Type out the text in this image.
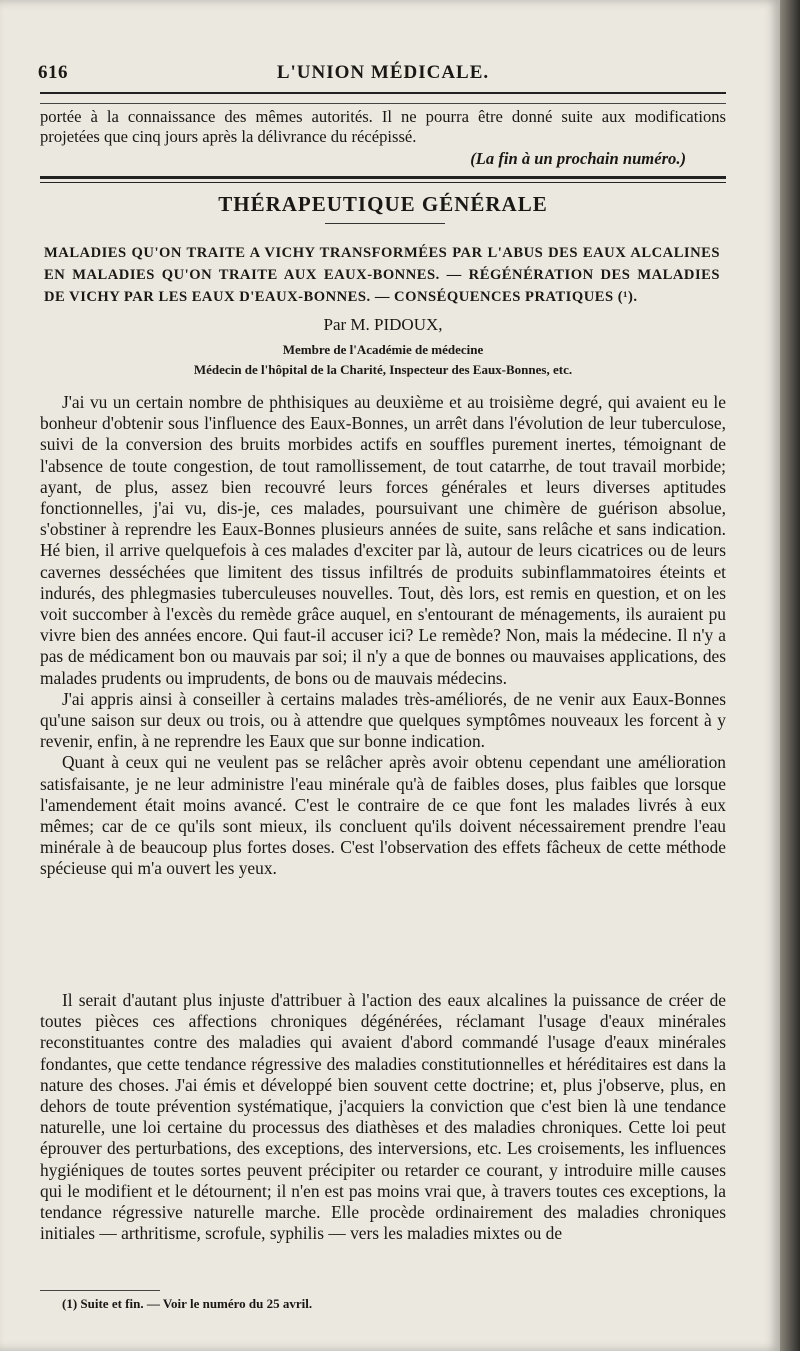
616	L'UNION MÉDICALE.
portée à la connaissance des mêmes autorités. Il ne pourra être donné suite aux modifications
projetées que cinq jours après la délivrance du récépissé.
(La fin à un prochain numéro.)
THÉRAPEUTIQUE GÉNÉRALE
MALADIES QU'ON TRAITE A VICHY TRANSFORMÉES PAR L'ABUS DES EAUX ALCALINES
EN MALADIES QU'ON TRAITE AUX EAUX-BONNES. — RÉGÉNÉRATION DES MALADIES
DE VICHY PAR LES EAUX D'EAUX-BONNES. — CONSÉQUENCES PRATIQUES (¹).
Par M. PIDOUX,
Membre de l'Académie de médecine
Médecin de l'hôpital de la Charité, Inspecteur des Eaux-Bonnes, etc.

J'ai vu un certain nombre de phthisiques au deuxième et au troisième degré, qui avaient eu le bonheur d'obtenir sous l'influence des Eaux-Bonnes, un arrêt dans l'évolution de leur tuberculose, suivi de la conversion des bruits morbides actifs en souffles purement inertes, témoignant de l'absence de toute congestion, de tout ramollissement, de tout catarrhe, de tout travail morbide; ayant, de plus, assez bien recouvré leurs forces générales et leurs diverses aptitudes fonctionnelles, j'ai vu, dis-je, ces malades, poursuivant une chimère de guérison absolue, s'obstiner à reprendre les Eaux-Bonnes plusieurs années de suite, sans relâche et sans indication. Hé bien, il arrive quelquefois à ces malades d'exciter par là, autour de leurs cicatrices ou de leurs cavernes desséchées que limitent des tissus infiltrés de produits subinflammatoires éteints et indurés, des phlegmasies tuberculeuses nouvelles. Tout, dès lors, est remis en question, et on les voit succomber à l'excès du remède grâce auquel, en s'entourant de ménagements, ils auraient pu vivre bien des années encore. Qui faut-il accuser ici? Le remède? Non, mais la médecine. Il n'y a pas de médicament bon ou mauvais par soi; il n'y a que de bonnes ou mauvaises applications, des malades prudents ou imprudents, de bons ou de mauvais médecins.

J'ai appris ainsi à conseiller à certains malades très-améliorés, de ne venir aux Eaux-Bonnes qu'une saison sur deux ou trois, ou à attendre que quelques symptômes nouveaux les forcent à y revenir, enfin, à ne reprendre les Eaux que sur bonne indication.

Quant à ceux qui ne veulent pas se relâcher après avoir obtenu cependant une amélioration satisfaisante, je ne leur administre l'eau minérale qu'à de faibles doses, plus faibles que lorsque l'amendement était moins avancé. C'est le contraire de ce que font les malades livrés à eux mêmes; car de ce qu'ils sont mieux, ils concluent qu'ils doivent nécessairement prendre l'eau minérale à de beaucoup plus fortes doses. C'est l'observation des effets fâcheux de cette méthode spécieuse qui m'a ouvert les yeux.

Il serait d'autant plus injuste d'attribuer à l'action des eaux alcalines la puissance de créer de toutes pièces ces affections chroniques dégénérées, réclamant l'usage d'eaux minérales reconstituantes contre des maladies qui avaient d'abord commandé l'usage d'eaux minérales fondantes, que cette tendance régressive des maladies constitutionnelles et héréditaires est dans la nature des choses. J'ai émis et développé bien souvent cette doctrine; et, plus j'observe, plus, en dehors de toute prévention systématique, j'acquiers la conviction que c'est bien là une tendance naturelle, une loi certaine du processus des diathèses et des maladies chroniques. Cette loi peut éprouver des perturbations, des exceptions, des interversions, etc. Les croisements, les influences hygiéniques de toutes sortes peuvent précipiter ou retarder ce courant, y introduire mille causes qui le modifient et le détournent; il n'en est pas moins vrai que, à travers toutes ces exceptions, la tendance régressive naturelle marche. Elle procède ordinairement des maladies chroniques initiales — arthritisme, scrofule, syphilis — vers les maladies mixtes ou de

(1) Suite et fin. — Voir le numéro du 25 avril.
